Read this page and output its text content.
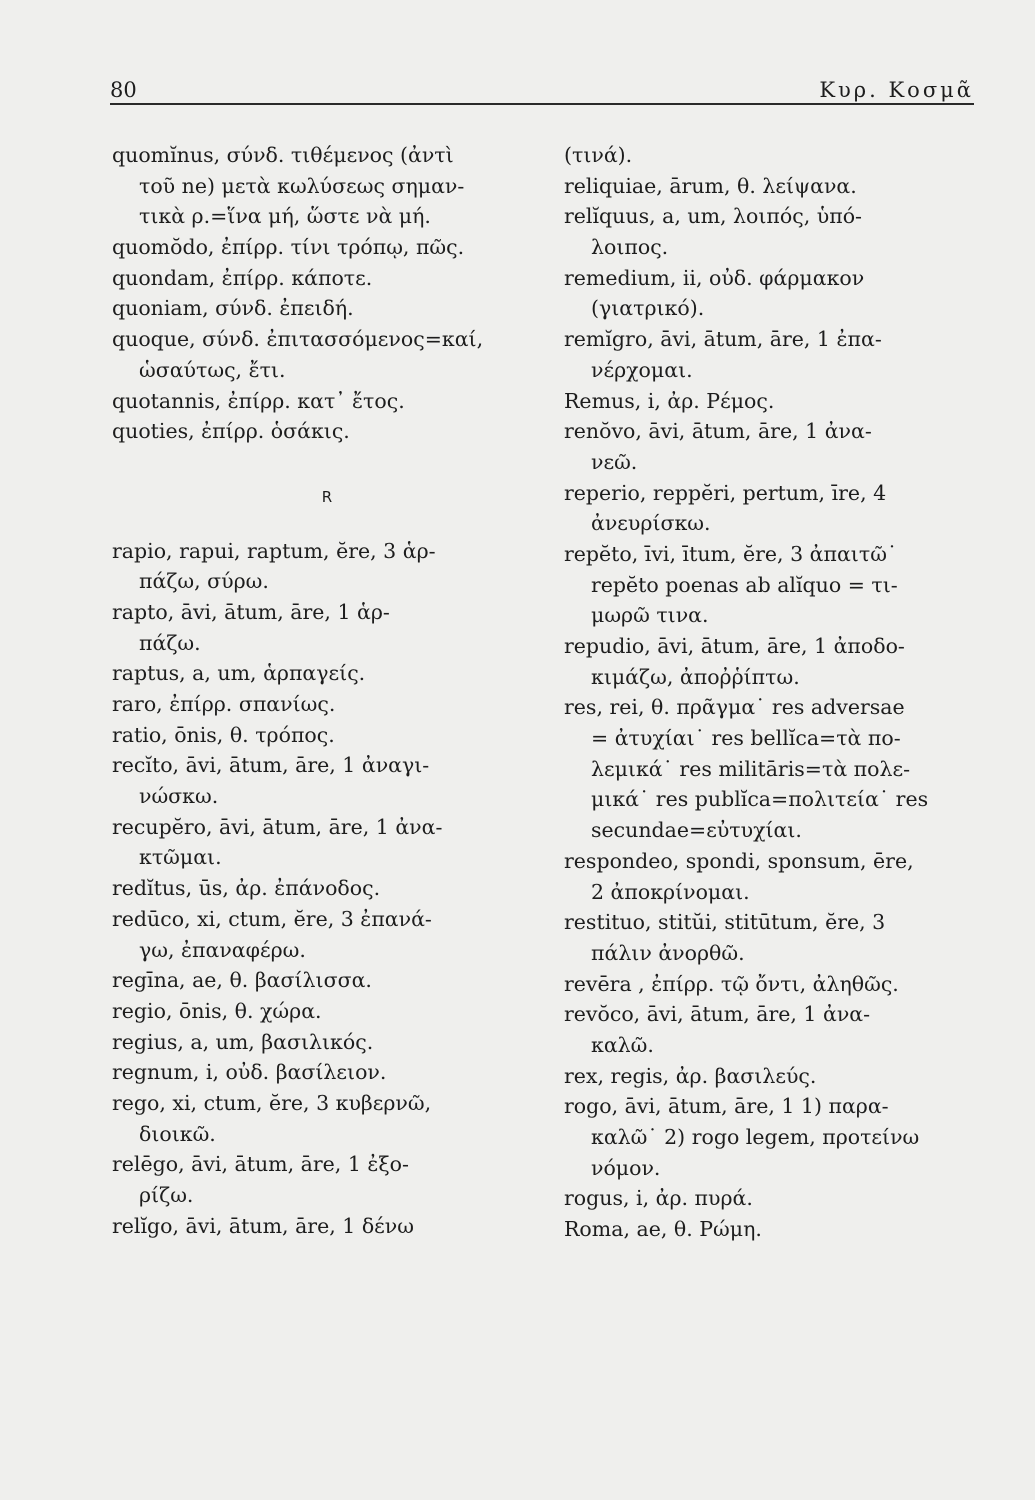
80	Κυρ. Κοσμᾶ
quomĭnus, σύνδ. τιθέμενος (ἀντὶ
τοῦ ne) μετὰ κωλύσεως σημαν-
τικὰ ρ.=ἵνα μή, ὥστε νὰ μή.
quomŏdo, ἐπίρρ. τίνι τρόπῳ, πῶς.
quondam, ἐπίρρ. κάποτε.
quoniam, σύνδ. ἐπειδή.
quoque, σύνδ. ἐπιτασσόμενος=καί,
ὡσαύτως, ἔτι.
quotannis, ἐπίρρ. κατ᾽ ἔτος.
quoties, ἐπίρρ. ὁσάκις.
R
rapio, rapui, raptum, ĕre, 3 ἁρ-
πάζω, σύρω.
rapto, āvi, ātum, āre, 1 ἁρ-
πάζω.
raptus, a, um, ἁρπαγείς.
raro, ἐπίρρ. σπανίως.
ratio, ōnis, θ. τρόπος.
recĭto, āvi, ātum, āre, 1 ἀναγι-
νώσκω.
recupĕro, āvi, ātum, āre, 1 ἀνα-
κτῶμαι.
redĭtus, ūs, ἀρ. ἐπάνοδος.
redūco, xi, ctum, ĕre, 3 ἐπανά-
γω, ἐπαναφέρω.
regīna, ae, θ. βασίλισσα.
regio, ōnis, θ. χώρα.
regius, a, um, βασιλικός.
regnum, i, οὐδ. βασίλειον.
rego, xi, ctum, ĕre, 3 κυβερνῶ,
διοικῶ.
relēgo, āvi, ātum, āre, 1 ἐξο-
ρίζω.
relĭgo, āvi, ātum, āre, 1 δένω
(τινά).
reliquiae, ārum, θ. λείψανα.
relĭquus, a, um, λοιπός, ὑπό-
λοιπος.
remedium, ii, οὐδ. φάρμακον
(γιατρικό).
remĭgro, āvi, ātum, āre, 1 ἐπα-
νέρχομαι.
Remus, i, ἀρ. Ρέμος.
renŏvo, āvi, ātum, āre, 1 ἀνα-
νεῶ.
reperio, reppĕri, pertum, īre, 4
ἀνευρίσκω.
repĕto, īvi, ītum, ĕre, 3 ἀπαιτῶ˙
repĕto poenas ab alĭquo = τι-
μωρῶ τινα.
repudio, āvi, ātum, āre, 1 ἀποδο-
κιμάζω, ἀποῤῥίπτω.
res, rei, θ. πρᾶγμα˙ res adversae
= ἀτυχίαι˙ res bellĭca=τὰ πο-
λεμικά˙ res militāris=τὰ πολε-
μικά˙ res publĭca=πολιτεία˙ res
secundae=εὐτυχίαι.
respondeo, spondi, sponsum, ēre,
2 ἀποκρίνομαι.
restituo, stitŭi, stitūtum, ĕre, 3
πάλιν ἀνορθῶ.
revēra , ἐπίρρ. τῷ ὄντι, ἀληθῶς.
revŏco, āvi, ātum, āre, 1 ἀνα-
καλῶ.
rex, regis, ἀρ. βασιλεύς.
rogo, āvi, ātum, āre, 1 1) παρα-
καλῶ˙ 2) rogo legem, προτείνω
νόμον.
rogus, i, ἀρ. πυρά.
Roma, ae, θ. Ρώμη.
